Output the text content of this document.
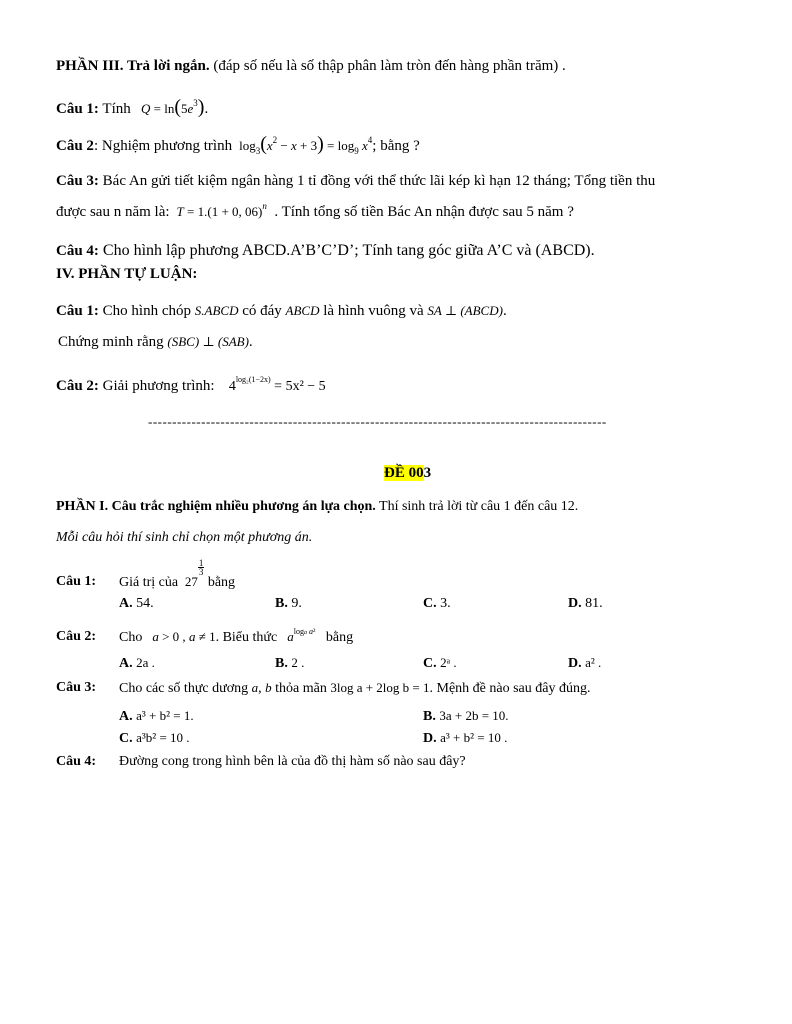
PHẦN III. Trả lời ngắn. (đáp số nếu là số thập phân làm tròn đến hàng phần trăm) .
Câu 1: Tính $Q = \ln(5e^3)$.
Câu 2: Nghiệm phương trình  $\log_3(x^2 - x + 3) = \log_9 x^4$; bằng ?
Câu 3: Bác An gửi tiết kiệm ngân hàng 1 tỉ đồng với thể thức lãi kép kì hạn 12 tháng; Tổng tiền thu
được sau n năm là: T = 1.(1 + 0, 06)$^n$ . Tính tổng số tiền Bác An nhận được sau 5 năm ?
Câu 4: Cho hình lập phương ABCD.A’B’C’D’; Tính tang góc giữa A’C và (ABCD).
IV. PHẦN TỰ LUẬN:
Câu 1: Cho hình chóp S.ABCD có đáy ABCD là hình vuông và SA ⊥ (ABCD).
Chứng minh rằng (SBC) ⊥ (SAB).
Câu 2: Giải phương trình: $4^{log_2(1-2x)} = 5x^2 - 5$
-----------------------------------------------------------------------------------------------
ĐỀ 003
PHẦN I. Câu trắc nghiệm nhiều phương án lựa chọn. Thí sinh trả lời từ câu 1 đến câu 12.
Mỗi câu hỏi thí sinh chỉ chọn một phương án.
Câu 1: Giá trị của  271
3 bằng
A. 54.	B. 9.	C. 3.	D. 81.
Câu 2: Cho a > 0 , a ≠ 1. Biểu thức $a^{loga a^2}$ bằng
A. 2a .	B. 2 .	C. 2ᵃ .	D. a² .
Câu 3: Cho các số thực dương a, b thỏa mãn 3log a + 2log b = 1. Mệnh đề nào sau đây đúng.
A. a³ + b² = 1.	B. 3a + 2b = 10.
C. a³b² = 10 .	D. a³ + b² = 10 .
Câu 4: Đường cong trong hình bên là của đồ thị hàm số nào sau đây?
